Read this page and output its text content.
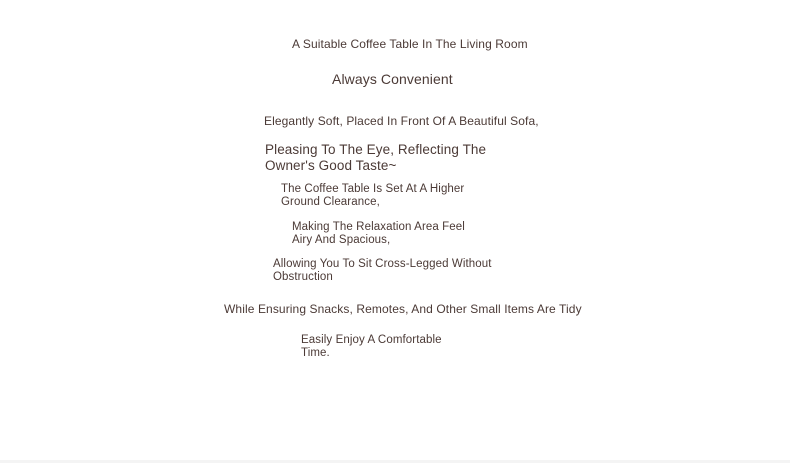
A Suitable Coffee Table In The Living Room
Always Convenient
Elegantly Soft, Placed In Front Of A Beautiful Sofa,
Pleasing To The Eye, Reflecting The
Owner's Good Taste~
The Coffee Table Is Set At A Higher
Ground Clearance,
Making The Relaxation Area Feel
Airy And Spacious,
Allowing You To Sit Cross-Legged Without
Obstruction
While Ensuring Snacks, Remotes, And Other Small Items Are Tidy
Easily Enjoy A Comfortable
Time.
